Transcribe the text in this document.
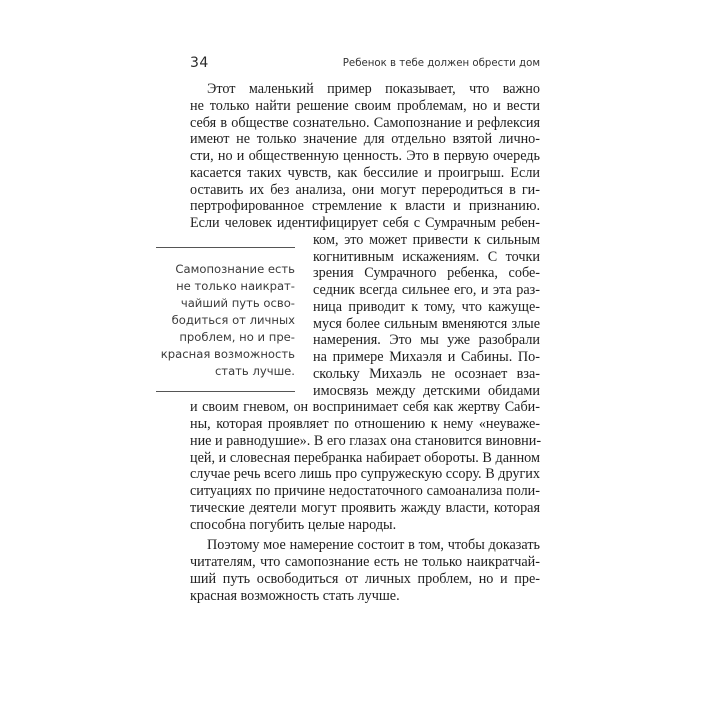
34	Ребенок в тебе должен обрести дом
Этот маленький пример показывает, что важно
не только найти решение своим проблемам, но и вести
себя в обществе сознательно. Самопознание и рефлексия
имеют не только значение для отдельно взятой лично-
сти, но и общественную ценность. Это в первую очередь
касается таких чувств, как бессилие и проигрыш. Если
оставить их без анализа, они могут переродиться в ги-
пертрофированное стремление к власти и признанию.
Если человек идентифицирует себя с Сумрачным ребен-
ком, это может привести к сильным
когнитивным искажениям. С точки
зрения Сумрачного ребенка, собе-
седник всегда сильнее его, и эта раз-
ница приводит к тому, что кажуще-
муся более сильным вменяются злые
намерения. Это мы уже разобрали
на примере Михаэля и Сабины. По-
скольку Михаэль не осознает вза-
имосвязь между детскими обидами
и своим гневом, он воспринимает себя как жертву Саби-
ны, которая проявляет по отношению к нему «неуваже-
ние и равнодушие». В его глазах она становится виновни-
цей, и словесная перебранка набирает обороты. В данном
случае речь всего лишь про супружескую ссору. В других
ситуациях по причине недостаточного самоанализа поли-
тические деятели могут проявить жажду власти, которая
способна погубить целые народы.
Поэтому мое намерение состоит в том, чтобы доказать
читателям, что самопознание есть не только наикратчай-
ший путь освободиться от личных проблем, но и пре-
красная возможность стать лучше.
Самопознание есть
не только наикрат-
чайший путь осво-
бодиться от личных
проблем, но и пре-
красная возможность
стать лучше.
